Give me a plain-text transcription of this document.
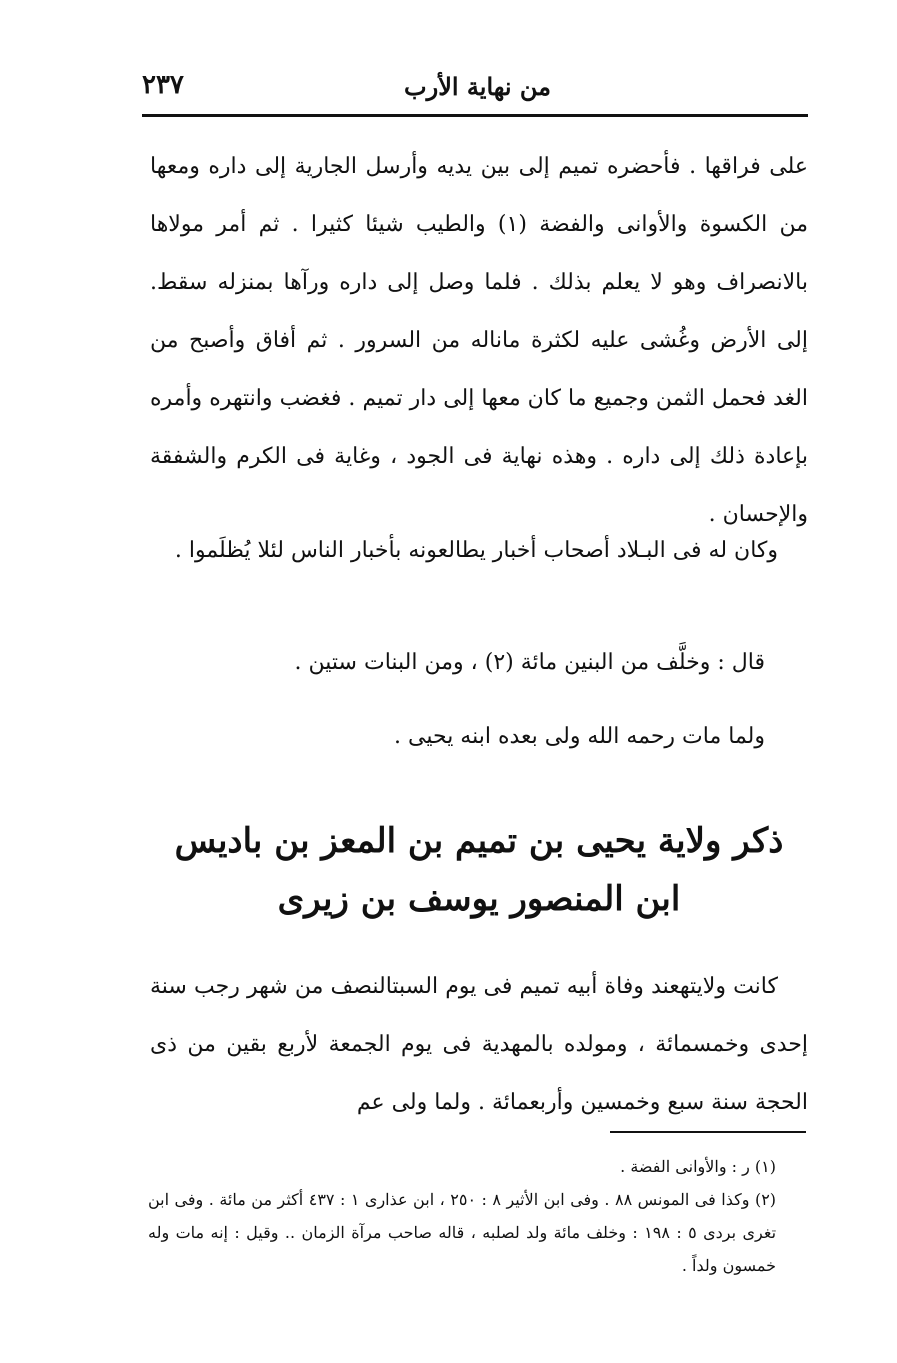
من نهاية الأرب
٢٣٧
على فراقها . فأحضره تميم إلى بين يديه وأرسل الجارية إلى داره ومعها من الكسوة والأوانى والفضة (١) والطيب شيئا كثيرا . ثم أمر مولاها بالانصراف وهو لا يعلم بذلك . فلما وصل إلى داره ورآها بمنزله سقط. إلى الأرض وغُشى عليه لكثرة ماناله من السرور . ثم أفاق وأصبح من الغد فحمل الثمن وجميع ما كان معها إلى دار تميم . فغضب وانتهره وأمره بإعادة ذلك إلى داره . وهذه نهاية فى الجود ، وغاية فى الكرم والشفقة والإحسان .
وكان له فى البـلاد أصحاب أخبار يطالعونه بأخبار الناس لئلا يُظلَموا .
قال : وخلَّف من البنين مائة (٢) ، ومن البنات ستين .
ولما مات رحمه الله ولى بعده ابنه يحيى .
ذكر ولاية يحيى بن تميم بن المعز بن باديس
ابن المنصور يوسف بن زيرى
كانت ولايتهعند وفاة أبيه تميم فى يوم السبتالنصف من شهر رجب سنة إحدى وخمسمائة ، ومولده بالمهدية فى يوم الجمعة لأربع بقين من ذى الحجة سنة سبع وخمسين وأربعمائة . ولما ولى عم

(١) ر : والأوانى الفضة .

(٢) وكذا فى المونس ٨٨ . وفى ابن الأثير ٨ : ٢٥٠ ، ابن عذارى ١ : ٤٣٧ أكثر من مائة . وفى ابن تغرى بردى ٥ : ١٩٨ : وخلف مائة ولد لصلبه ، قاله صاحب مرآة الزمان .. وقيل : إنه مات وله خمسون ولداً .
